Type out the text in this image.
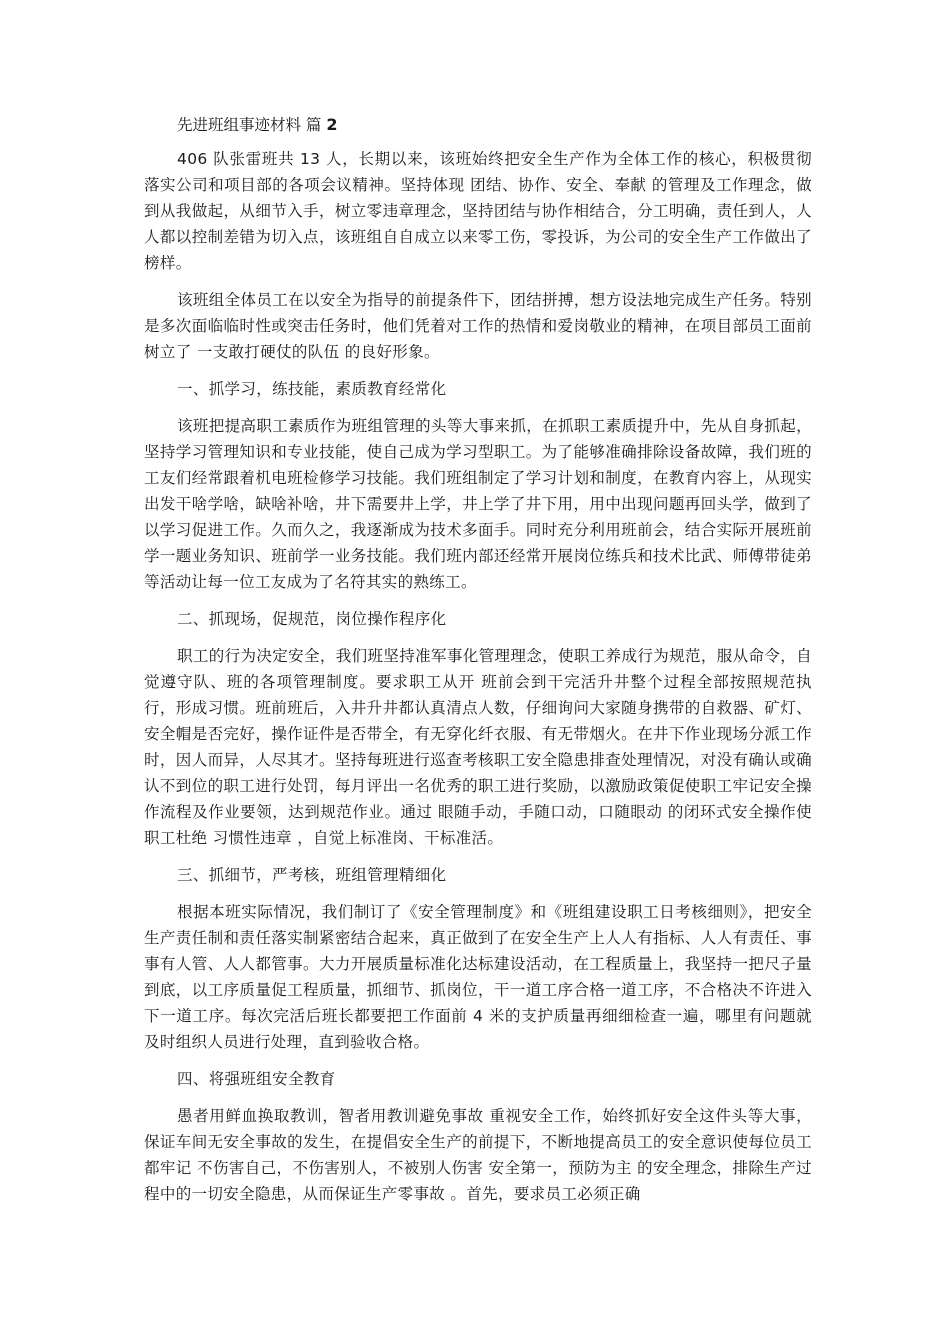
先进班组事迹材料 篇 2

406 队张雷班共 13 人，长期以来，该班始终把安全生产作为全体工作的核心，积极贯彻落实公司和项目部的各项会议精神。坚持体现 团结、协作、安全、奉献 的管理及工作理念，做到从我做起，从细节入手，树立零违章理念，坚持团结与协作相结合，分工明确，责任到人，人人都以控制差错为切入点，该班组自自成立以来零工伤，零投诉，为公司的安全生产工作做出了榜样。

该班组全体员工在以安全为指导的前提条件下，团结拼搏，想方设法地完成生产任务。特别是多次面临临时性或突击任务时，他们凭着对工作的热情和爱岗敬业的精神，在项目部员工面前树立了 一支敢打硬仗的队伍 的良好形象。

一、抓学习，练技能，素质教育经常化

该班把提高职工素质作为班组管理的头等大事来抓，在抓职工素质提升中，先从自身抓起，坚持学习管理知识和专业技能，使自己成为学习型职工。为了能够准确排除设备故障，我们班的工友们经常跟着机电班检修学习技能。我们班组制定了学习计划和制度，在教育内容上，从现实出发干啥学啥，缺啥补啥，井下需要井上学，井上学了井下用，用中出现问题再回头学，做到了以学习促进工作。久而久之，我逐渐成为技术多面手。同时充分利用班前会，结合实际开展班前学一题业务知识、班前学一业务技能。我们班内部还经常开展岗位练兵和技术比武、师傅带徒弟等活动让每一位工友成为了名符其实的熟练工。

二、抓现场，促规范，岗位操作程序化

职工的行为决定安全，我们班坚持准军事化管理理念，使职工养成行为规范，服从命令，自觉遵守队、班的各项管理制度。要求职工从开 班前会到干完活升井整个过程全部按照规范执行，形成习惯。班前班后，入井升井都认真清点人数，仔细询问大家随身携带的自救器、矿灯、安全帽是否完好，操作证件是否带全，有无穿化纤衣服、有无带烟火。在井下作业现场分派工作时，因人而异，人尽其才。坚持每班进行巡查考核职工安全隐患排查处理情况，对没有确认或确认不到位的职工进行处罚，每月评出一名优秀的职工进行奖励，以激励政策促使职工牢记安全操作流程及作业要领，达到规范作业。通过 眼随手动，手随口动，口随眼动 的闭环式安全操作使职工杜绝 习惯性违章 ，自觉上标准岗、干标准活。

三、抓细节，严考核，班组管理精细化

根据本班实际情况，我们制订了《安全管理制度》和《班组建设职工日考核细则》，把安全生产责任制和责任落实制紧密结合起来，真正做到了在安全生产上人人有指标、人人有责任、事事有人管、人人都管事。大力开展质量标准化达标建设活动，在工程质量上，我坚持一把尺子量到底，以工序质量促工程质量，抓细节、抓岗位，干一道工序合格一道工序，不合格决不许进入 下一道工序。每次完活后班长都要把工作面前 4 米的支护质量再细细检查一遍，哪里有问题就及时组织人员进行处理，直到验收合格。

四、将强班组安全教育

愚者用鲜血换取教训，智者用教训避免事故 重视安全工作，始终抓好安全这件头等大事，保证车间无安全事故的发生，在提倡安全生产的前提下，不断地提高员工的安全意识使每位员工都牢记 不伤害自己，不伤害别人，不被别人伤害 安全第一，预防为主 的安全理念，排除生产过程中的一切安全隐患，从而保证生产零事故 。首先，要求员工必须正确
